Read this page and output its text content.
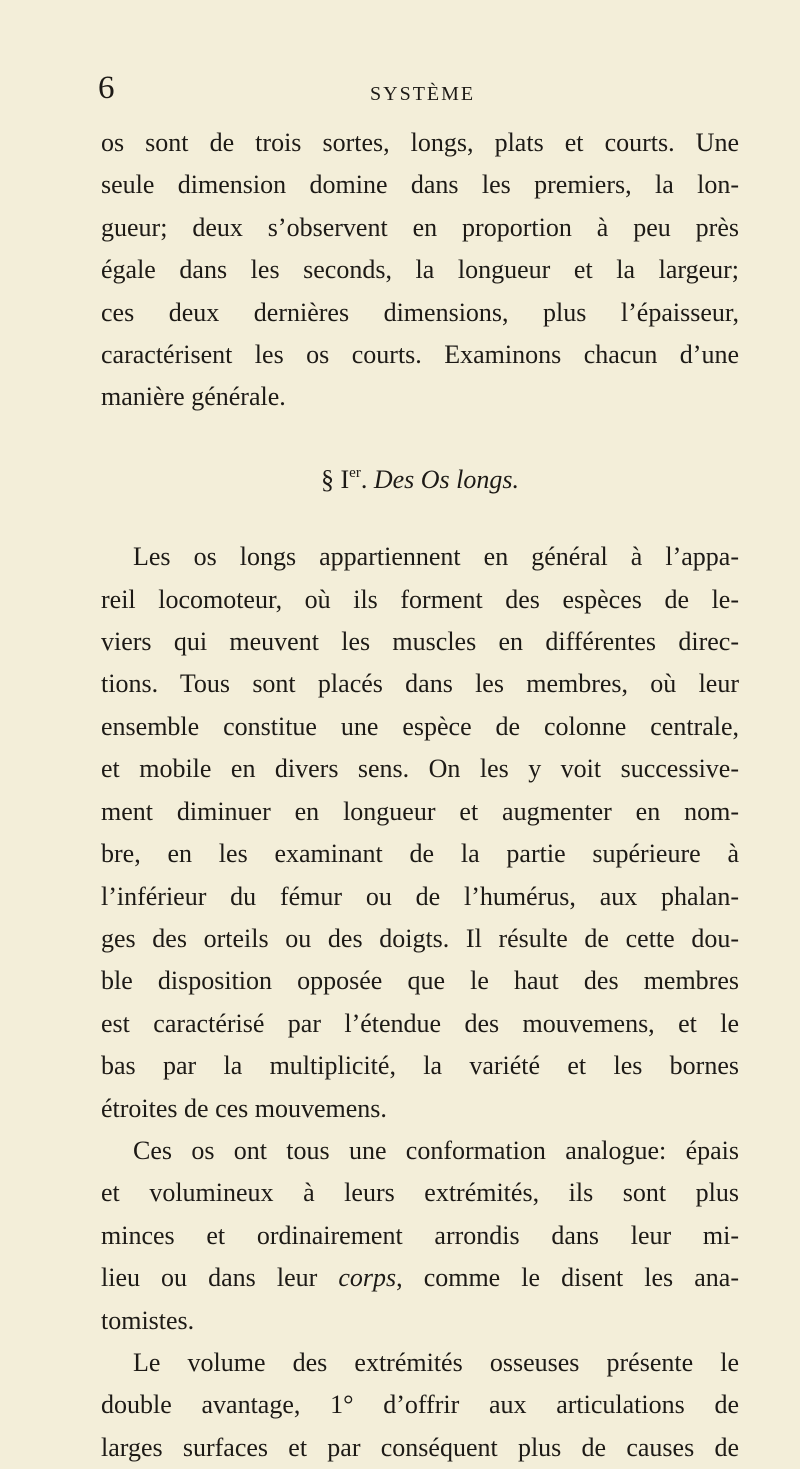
6	SYSTÈME
os sont de trois sortes, longs, plats et courts. Une
seule dimension domine dans les premiers, la lon-
gueur; deux s’observent en proportion à peu près
égale dans les seconds, la longueur et la largeur;
ces deux dernières dimensions, plus l’épaisseur,
caractérisent les os courts. Examinons chacun d’une
manière générale.
§ Ier. Des Os longs.
Les os longs appartiennent en général à l’appa-
reil locomoteur, où ils forment des espèces de le-
viers qui meuvent les muscles en différentes direc-
tions. Tous sont placés dans les membres, où leur
ensemble constitue une espèce de colonne centrale,
et mobile en divers sens. On les y voit successive-
ment diminuer en longueur et augmenter en nom-
bre, en les examinant de la partie supérieure à
l’inférieur du fémur ou de l’humérus, aux phalan-
ges des orteils ou des doigts. Il résulte de cette dou-
ble disposition opposée que le haut des membres
est caractérisé par l’étendue des mouvemens, et le
bas par la multiplicité, la variété et les bornes
étroites de ces mouvemens.
Ces os ont tous une conformation analogue: épais
et volumineux à leurs extrémités, ils sont plus
minces et ordinairement arrondis dans leur mi-
lieu ou dans leur corps, comme le disent les ana-
tomistes.
Le volume des extrémités osseuses présente le
double avantage, 1° d’offrir aux articulations de
larges surfaces et par conséquent plus de causes de
